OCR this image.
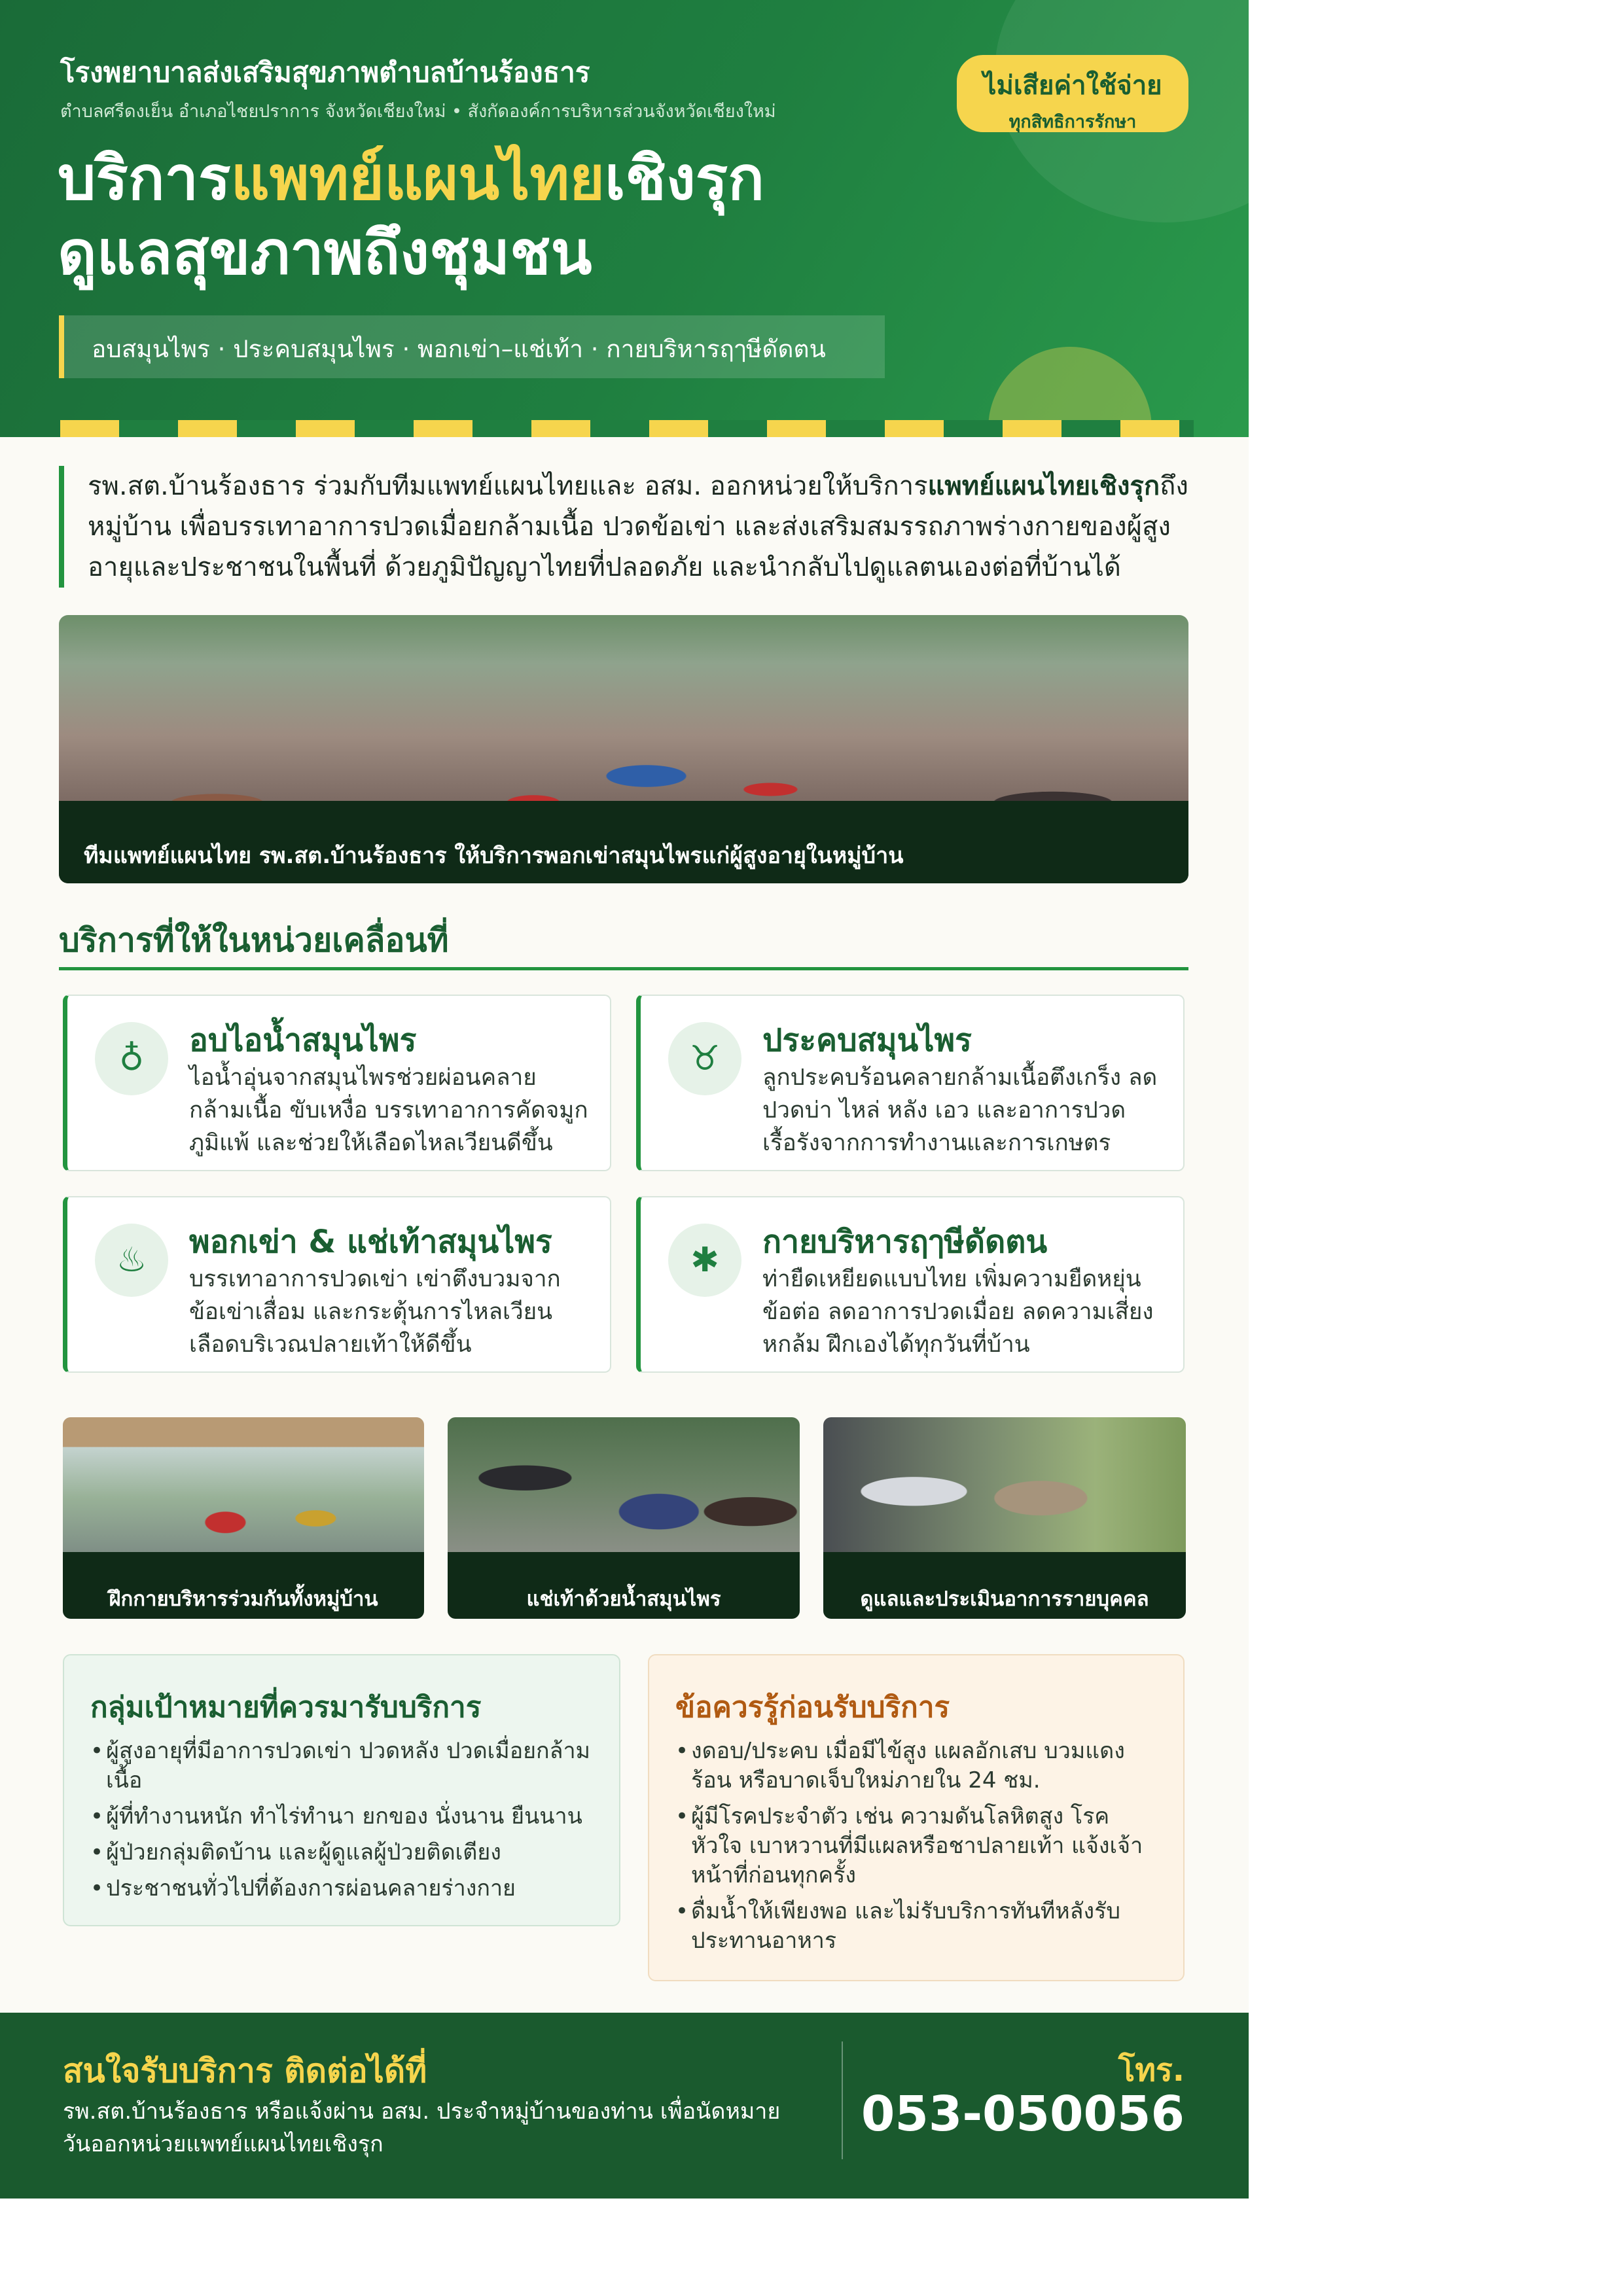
โรงพยาบาลส่งเสริมสุขภาพตำบลบ้านร้องธาร
ตำบลศรีดงเย็น อำเภอไชยปราการ จังหวัดเชียงใหม่ • สังกัดองค์การบริหารส่วนจังหวัดเชียงใหม่
ไม่เสียค่าใช้จ่าย
ทุกสิทธิการรักษา
บริการแพทย์แผนไทยเชิงรุก
ดูแลสุขภาพถึงชุมชน
อบสมุนไพร · ประคบสมุนไพร · พอกเข่า–แช่เท้า · กายบริหารฤๅษีดัดตน
รพ.สต.บ้านร้องธาร ร่วมกับทีมแพทย์แผนไทยและ อสม. ออกหน่วยให้บริการแพทย์แผนไทยเชิงรุกถึงหมู่บ้าน เพื่อบรรเทาอาการปวดเมื่อยกล้ามเนื้อ ปวดข้อเข่า และส่งเสริมสมรรถภาพร่างกายของผู้สูงอายุและประชาชนในพื้นที่ ด้วยภูมิปัญญาไทยที่ปลอดภัย และนำกลับไปดูแลตนเองต่อที่บ้านได้
ทีมแพทย์แผนไทย รพ.สต.บ้านร้องธาร ให้บริการพอกเข่าสมุนไพรแก่ผู้สูงอายุในหมู่บ้าน
บริการที่ให้ในหน่วยเคลื่อนที่
♁	อบไอน้ำสมุนไพร
ไอน้ำอุ่นจากสมุนไพรช่วยผ่อนคลายกล้ามเนื้อ ขับเหงื่อ บรรเทาอาการคัดจมูก ภูมิแพ้ และช่วยให้เลือดไหลเวียนดีขึ้น
♉	ประคบสมุนไพร
ลูกประคบร้อนคลายกล้ามเนื้อตึงเกร็ง ลดปวดบ่า ไหล่ หลัง เอว และอาการปวดเรื้อรังจากการทำงานและการเกษตร
♨	พอกเข่า & แช่เท้าสมุนไพร
บรรเทาอาการปวดเข่า เข่าตึงบวมจากข้อเข่าเสื่อม และกระตุ้นการไหลเวียนเลือดบริเวณปลายเท้าให้ดีขึ้น
✱	กายบริหารฤๅษีดัดตน
ท่ายืดเหยียดแบบไทย เพิ่มความยืดหยุ่นข้อต่อ ลดอาการปวดเมื่อย ลดความเสี่ยงหกล้ม ฝึกเองได้ทุกวันที่บ้าน
ฝึกกายบริหารร่วมกันทั้งหมู่บ้าน	แช่เท้าด้วยน้ำสมุนไพร	ดูแลและประเมินอาการรายบุคคล
กลุ่มเป้าหมายที่ควรมารับบริการ
• ผู้สูงอายุที่มีอาการปวดเข่า ปวดหลัง ปวดเมื่อยกล้ามเนื้อ
• ผู้ที่ทำงานหนัก ทำไร่ทำนา ยกของ นั่งนาน ยืนนาน
• ผู้ป่วยกลุ่มติดบ้าน และผู้ดูแลผู้ป่วยติดเตียง
• ประชาชนทั่วไปที่ต้องการผ่อนคลายร่างกาย
ข้อควรรู้ก่อนรับบริการ
• งดอบ/ประคบ เมื่อมีไข้สูง แผลอักเสบ บวมแดงร้อน หรือบาดเจ็บใหม่ภายใน 24 ชม.
• ผู้มีโรคประจำตัว เช่น ความดันโลหิตสูง โรคหัวใจ เบาหวานที่มีแผลหรือชาปลายเท้า แจ้งเจ้าหน้าที่ก่อนทุกครั้ง
• ดื่มน้ำให้เพียงพอ และไม่รับบริการทันทีหลังรับประทานอาหาร
สนใจรับบริการ ติดต่อได้ที่
รพ.สต.บ้านร้องธาร หรือแจ้งผ่าน อสม. ประจำหมู่บ้านของท่าน เพื่อนัดหมายวันออกหน่วยแพทย์แผนไทยเชิงรุก
โทร.
053-050056
